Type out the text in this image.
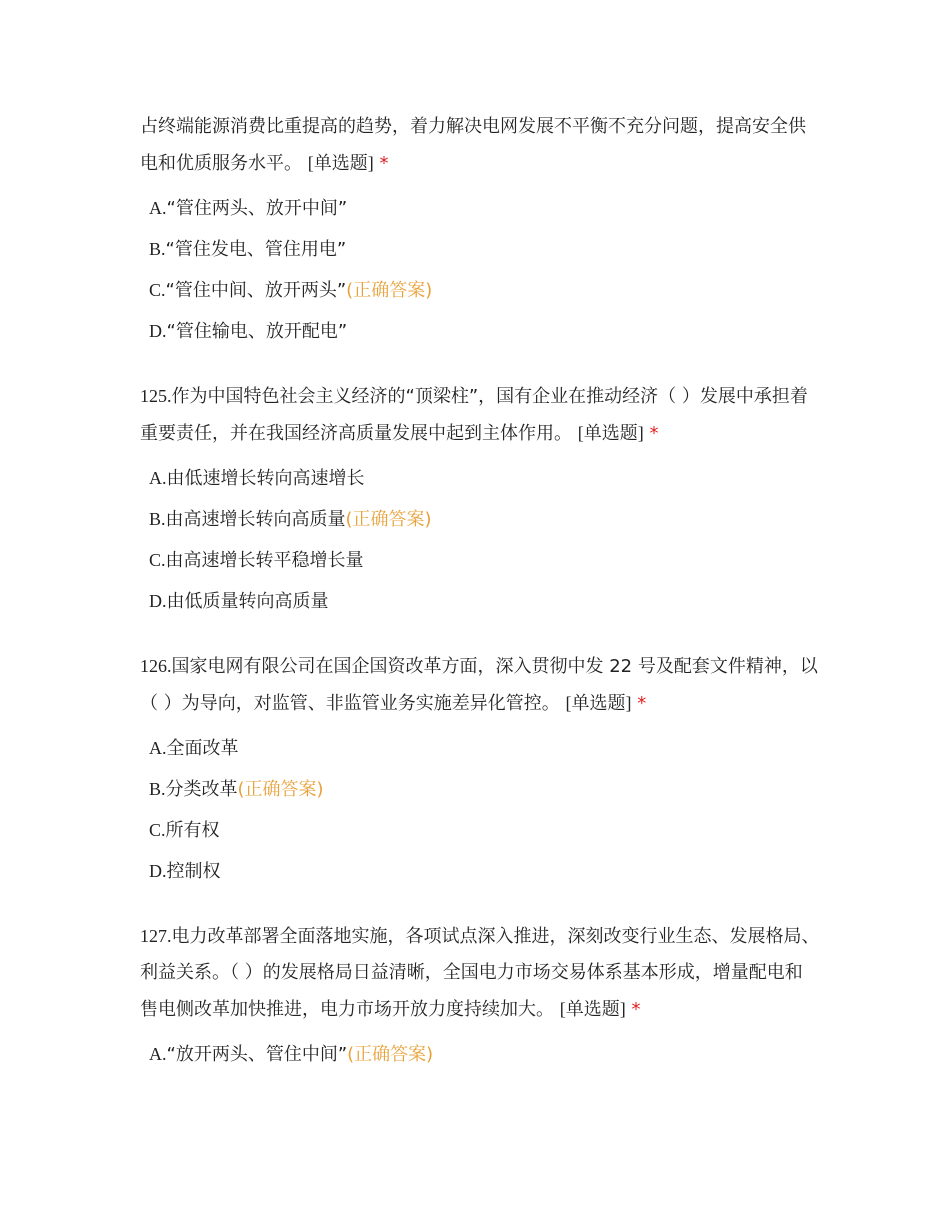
占终端能源消费比重提高的趋势，着力解决电网发展不平衡不充分问题，提高安全供电和优质服务水平。 [单选题] *

A.“管住两头、放开中间”
B.“管住发电、管住用电”
C.“管住中间、放开两头”(正确答案)
D.“管住输电、放开配电”

125.作为中国特色社会主义经济的“顶梁柱”，国有企业在推动经济（ ）发展中承担着重要责任，并在我国经济高质量发展中起到主体作用。 [单选题] *

A.由低速增长转向高速增长
B.由高速增长转向高质量(正确答案)
C.由高速增长转平稳增长量
D.由低质量转向高质量

126.国家电网有限公司在国企国资改革方面，深入贯彻中发 22 号及配套文件精神，以（ ）为导向，对监管、非监管业务实施差异化管控。 [单选题] *

A.全面改革
B.分类改革(正确答案)
C.所有权
D.控制权

127.电力改革部署全面落地实施，各项试点深入推进，深刻改变行业生态、发展格局、利益关系。（ ）的发展格局日益清晰，全国电力市场交易体系基本形成，增量配电和售电侧改革加快推进，电力市场开放力度持续加大。 [单选题] *

A.“放开两头、管住中间”(正确答案)
